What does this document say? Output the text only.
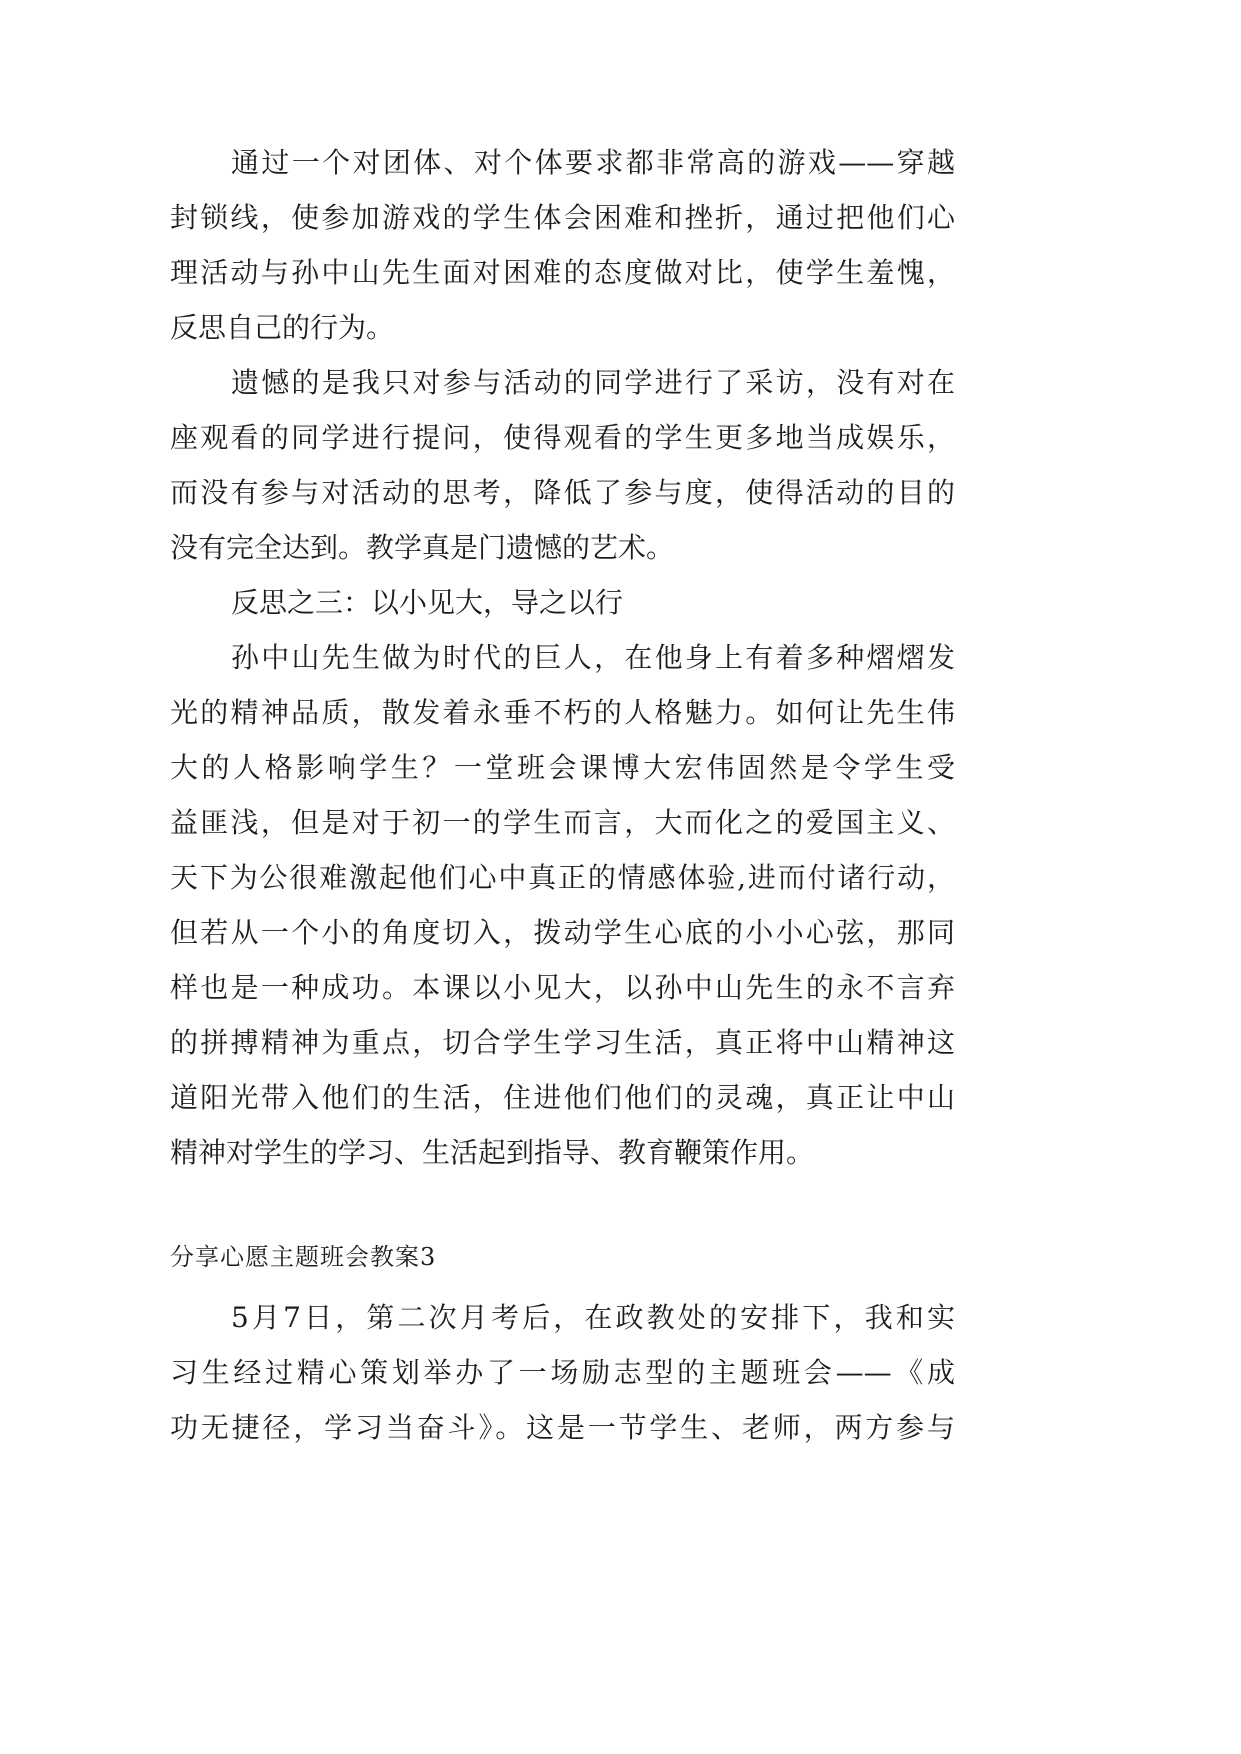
通过一个对团体、对个体要求都非常高的游戏——穿越
封锁线，使参加游戏的学生体会困难和挫折，通过把他们心
理活动与孙中山先生面对困难的态度做对比，使学生羞愧，
反思自己的行为。
遗憾的是我只对参与活动的同学进行了采访，没有对在
座观看的同学进行提问，使得观看的学生更多地当成娱乐，
而没有参与对活动的思考，降低了参与度，使得活动的目的
没有完全达到。教学真是门遗憾的艺术。
反思之三：以小见大，导之以行
孙中山先生做为时代的巨人，在他身上有着多种熠熠发
光的精神品质，散发着永垂不朽的人格魅力。如何让先生伟
大的人格影响学生？一堂班会课博大宏伟固然是令学生受
益匪浅，但是对于初一的学生而言，大而化之的爱国主义、
天下为公很难激起他们心中真正的情感体验,进而付诸行动，
但若从一个小的角度切入，拨动学生心底的小小心弦，那同
样也是一种成功。本课以小见大，以孙中山先生的永不言弃
的拼搏精神为重点，切合学生学习生活，真正将中山精神这
道阳光带入他们的生活，住进他们他们的灵魂，真正让中山
精神对学生的学习、生活起到指导、教育鞭策作用。
分享心愿主题班会教案3
5月7日，第二次月考后，在政教处的安排下，我和实
习生经过精心策划举办了一场励志型的主题班会——《成
功无捷径，学习当奋斗》。这是一节学生、老师，两方参与
